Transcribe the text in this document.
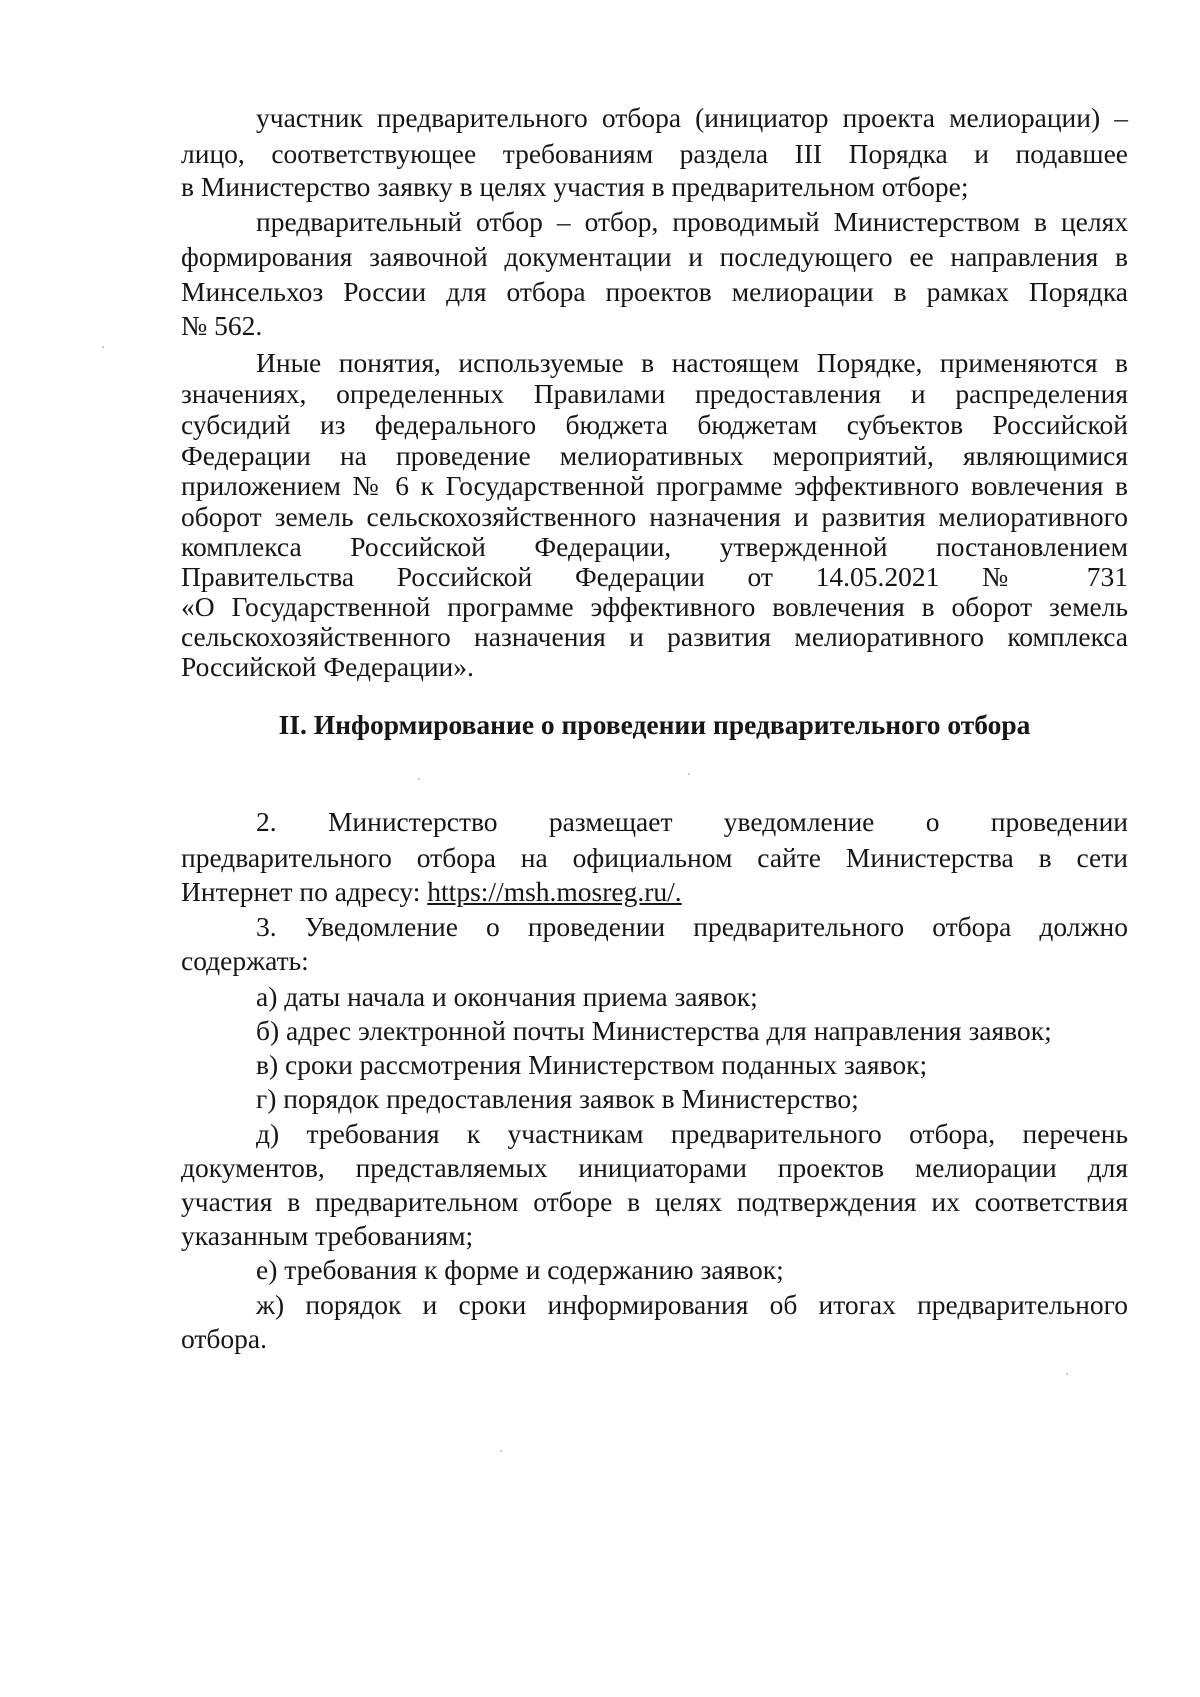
участник предварительного отбора (инициатор проекта мелиорации) –
лицо, соответствующее требованиям раздела III Порядка и подавшее
в Министерство заявку в целях участия в предварительном отборе;
предварительный отбор – отбор, проводимый Министерством в целях
формирования заявочной документации и последующего ее направления в
Минсельхоз России для отбора проектов мелиорации в рамках Порядка
№ 562.
Иные понятия, используемые в настоящем Порядке, применяются в
значениях, определенных Правилами предоставления и распределения
субсидий из федерального бюджета бюджетам субъектов Российской
Федерации на проведение мелиоративных мероприятий, являющимися
приложением № 6 к Государственной программе эффективного вовлечения в
оборот земель сельскохозяйственного назначения и развития мелиоративного
комплекса Российской Федерации, утвержденной постановлением
Правительства Российской Федерации от 14.05.2021 № 731
«О Государственной программе эффективного вовлечения в оборот земель
сельскохозяйственного назначения и развития мелиоративного комплекса
Российской Федерации».
II. Информирование о проведении предварительного отбора
2. Министерство размещает уведомление о проведении
предварительного отбора на официальном сайте Министерства в сети
Интернет по адресу: https://msh.mosreg.ru/.
3. Уведомление о проведении предварительного отбора должно
содержать:
а) даты начала и окончания приема заявок;
б) адрес электронной почты Министерства для направления заявок;
в) сроки рассмотрения Министерством поданных заявок;
г) порядок предоставления заявок в Министерство;
д) требования к участникам предварительного отбора, перечень
документов, представляемых инициаторами проектов мелиорации для
участия в предварительном отборе в целях подтверждения их соответствия
указанным требованиям;
е) требования к форме и содержанию заявок;
ж) порядок и сроки информирования об итогах предварительного
отбора.
